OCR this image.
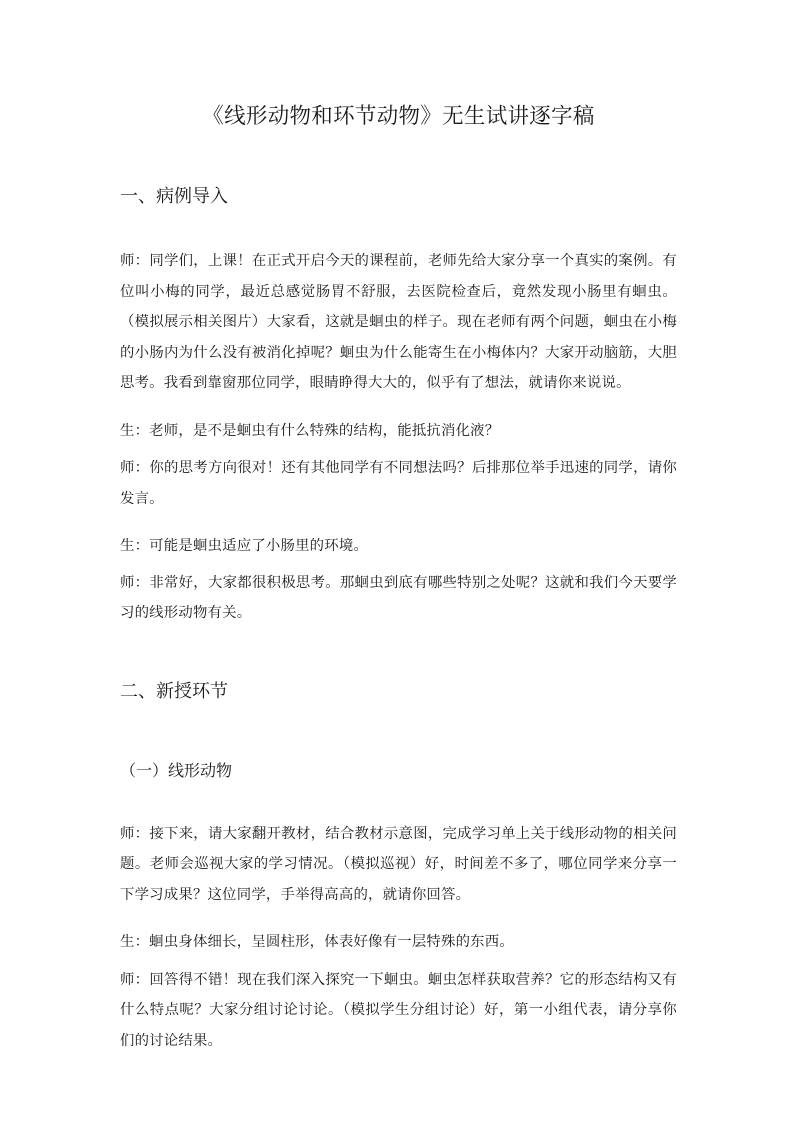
《线形动物和环节动物》无生试讲逐字稿
一、病例导入

师：同学们，上课！在正式开启今天的课程前，老师先给大家分享一个真实的案例。有位叫小梅的同学，最近总感觉肠胃不舒服，去医院检查后，竟然发现小肠里有蛔虫。（模拟展示相关图片）大家看，这就是蛔虫的样子。现在老师有两个问题，蛔虫在小梅的小肠内为什么没有被消化掉呢？蛔虫为什么能寄生在小梅体内？大家开动脑筋，大胆思考。我看到靠窗那位同学，眼睛睁得大大的，似乎有了想法，就请你来说说。

生：老师，是不是蛔虫有什么特殊的结构，能抵抗消化液？

师：你的思考方向很对！还有其他同学有不同想法吗？后排那位举手迅速的同学，请你发言。

生：可能是蛔虫适应了小肠里的环境。

师：非常好，大家都很积极思考。那蛔虫到底有哪些特别之处呢？这就和我们今天要学习的线形动物有关。

二、新授环节
（一）线形动物

师：接下来，请大家翻开教材，结合教材示意图，完成学习单上关于线形动物的相关问题。老师会巡视大家的学习情况。（模拟巡视）好，时间差不多了，哪位同学来分享一下学习成果？这位同学，手举得高高的，就请你回答。

生：蛔虫身体细长，呈圆柱形，体表好像有一层特殊的东西。

师：回答得不错！现在我们深入探究一下蛔虫。蛔虫怎样获取营养？它的形态结构又有什么特点呢？大家分组讨论讨论。（模拟学生分组讨论）好，第一小组代表，请分享你们的讨论结果。
